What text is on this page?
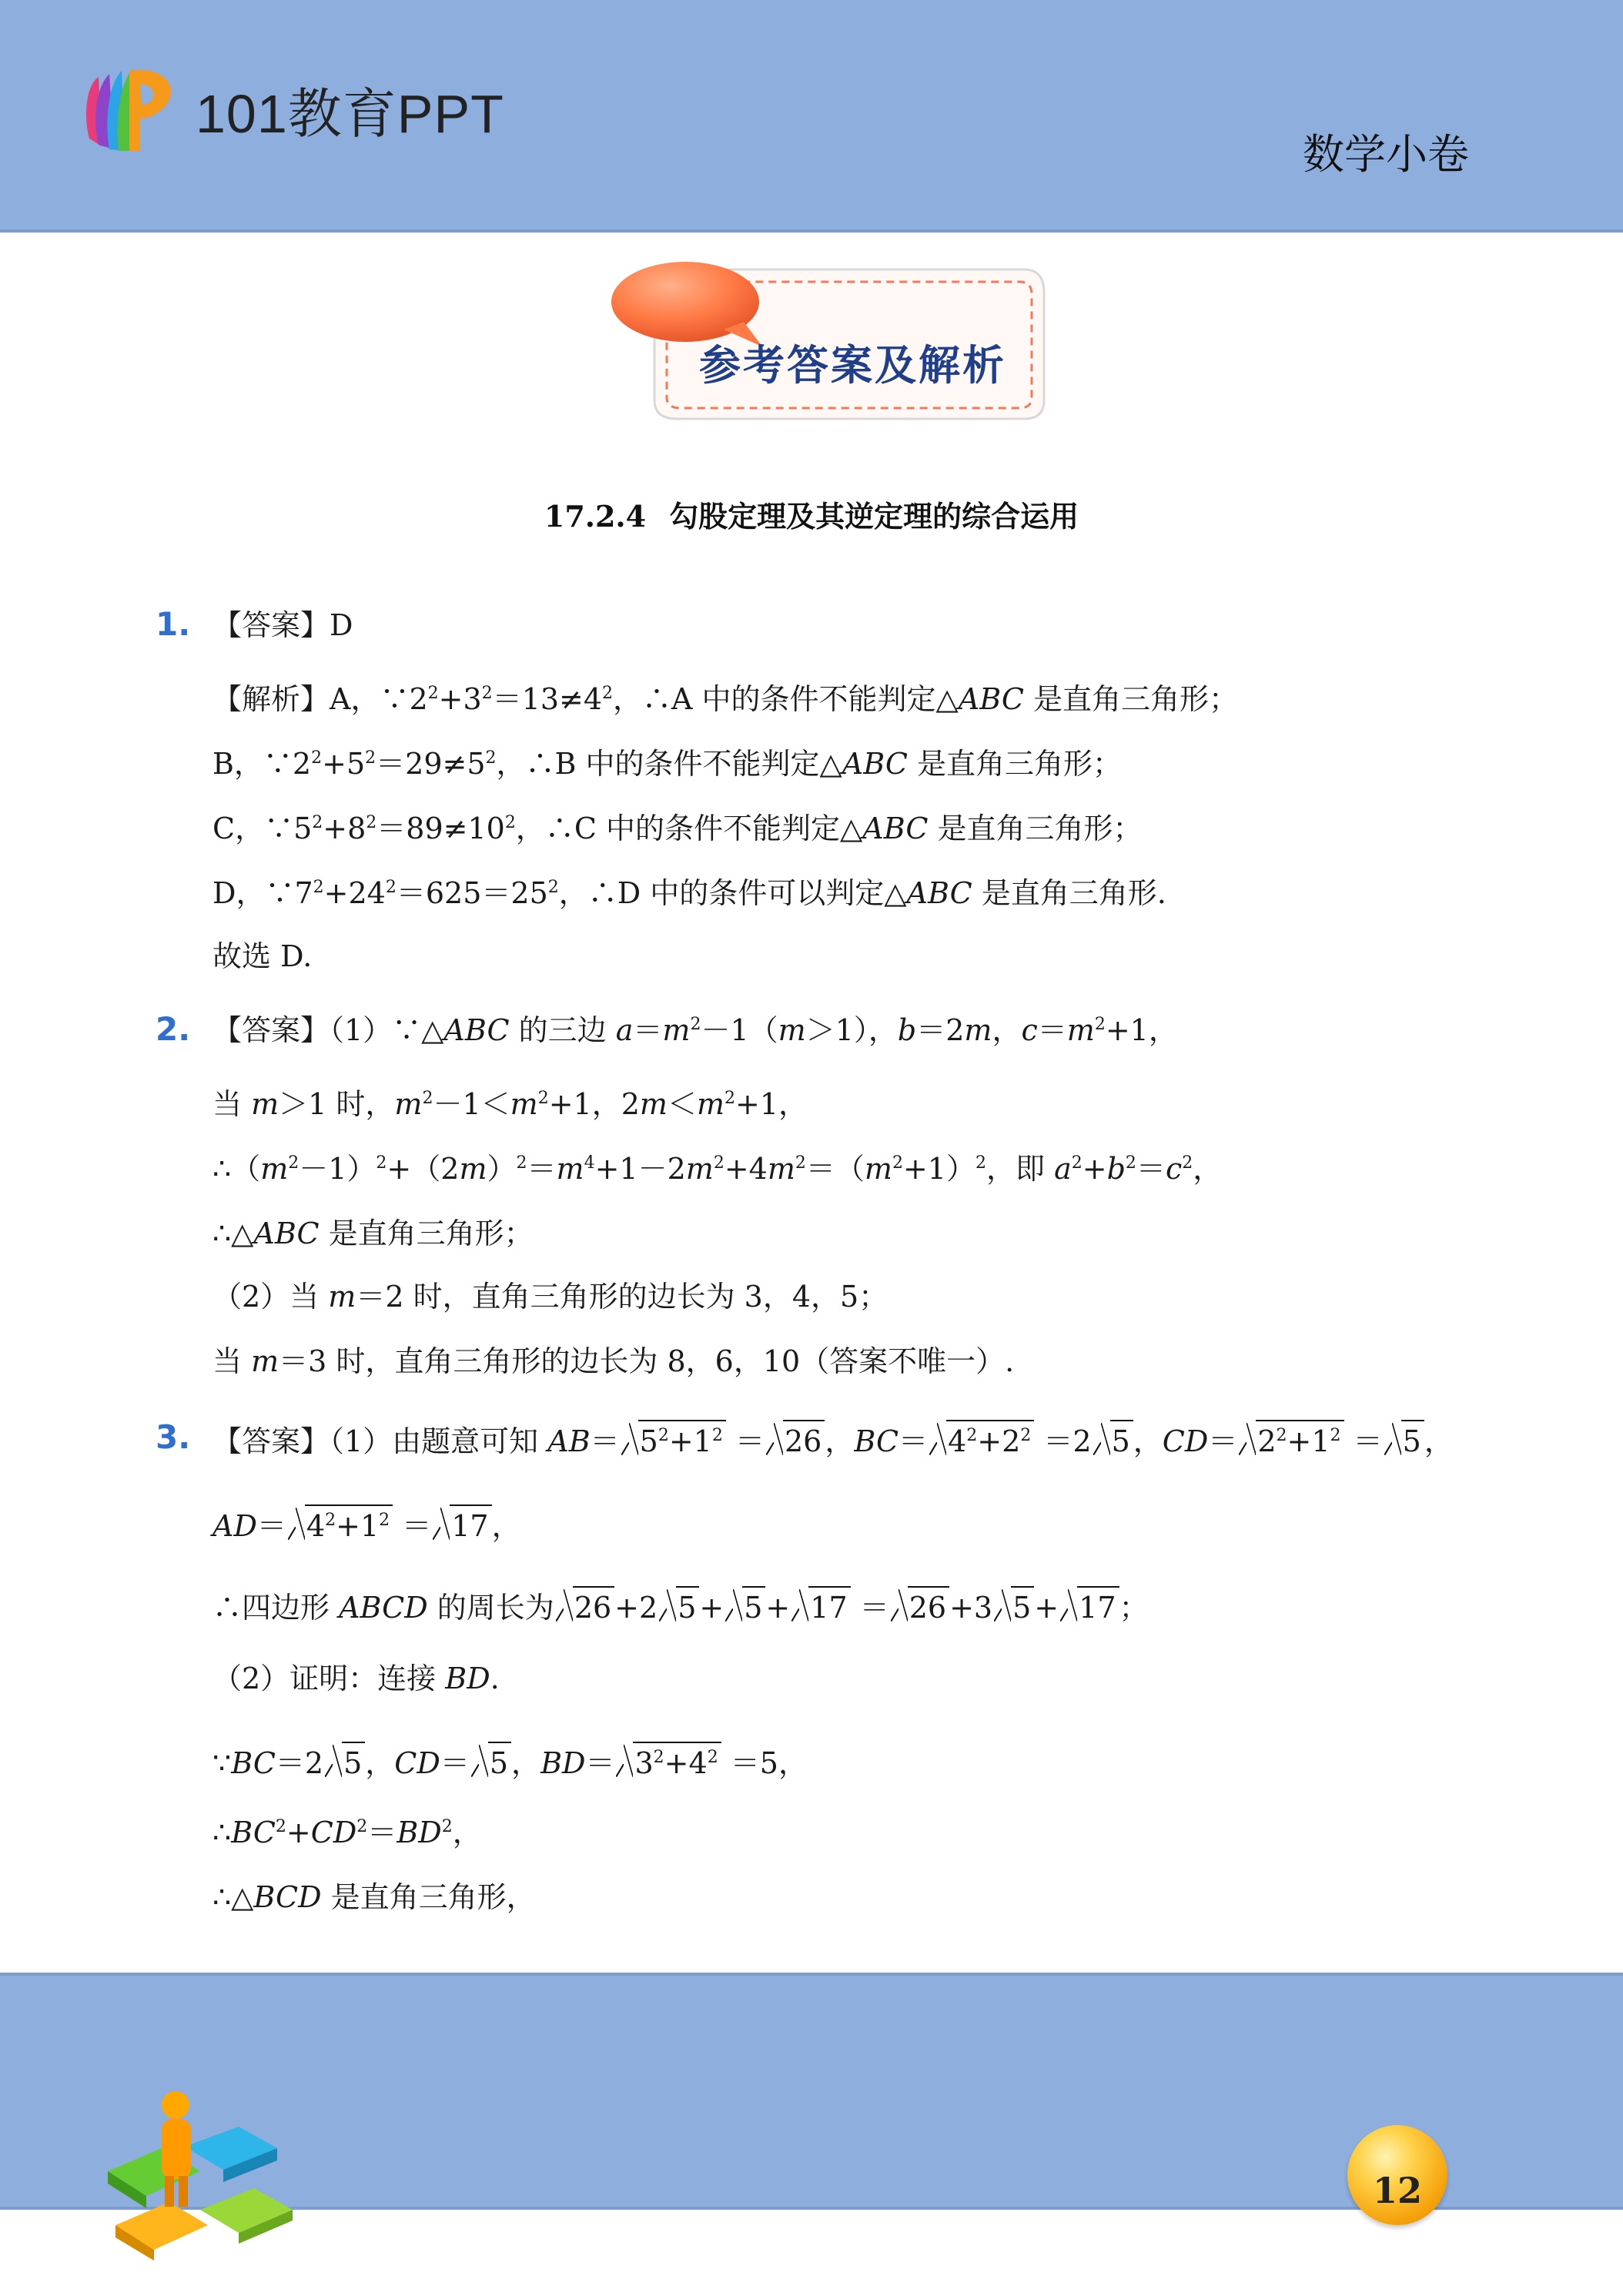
101教育PPT
数学小卷
参考答案及解析
17.2.4 勾股定理及其逆定理的综合运用
1. 【答案】D
【解析】A，$\because 2^2+3^2=13\ne 4^2$，∴A 中的条件不能判定△ABC 是直角三角形；
B，$\because 2^2+5^2=29\ne 5^2$，∴B 中的条件不能判定△ABC 是直角三角形；
C，$\because 5^2+8^2=89\ne 10^2$，∴C 中的条件不能判定△ABC 是直角三角形；
D，$\because 7^2+24^2=625=25^2$，∴D 中的条件可以判定△ABC 是直角三角形.
故选 D.
2. 【答案】（1）∵△ABC 的三边 $a=m^2-1(m>1)$，b＝2m，$c=m^2+1$，
当 m＞1 时，$m^2-1<m^2+1$，$2m<m^2+1$，
$\therefore(m^2-1)^2+(2m)^2=m^4+1-2m^2+4m^2=(m^2+1)^2$，即 $a^2+b^2=c^2$，
∴△ABC 是直角三角形；
（2）当 m＝2 时，直角三角形的边长为 3，4，5；
当 m＝3 时，直角三角形的边长为 8，6，10（答案不唯一）.
3. 【答案】（1）由题意可知 $AB= 5^2+1^2 = 26$ ，$BC= 4^2+2^2 =2$ 5 ，$CD= 2^2+1^2 = 5$ ，
$AD= 4^2+1^2 = 17$ ，
∴四边形 ABCD 的周长为 26 +2 5 + 5 + 17 ＝ 26 +3 5 + 17 ；
（2）证明：连接 BD.
∵BC＝2 5 ，CD＝ 5 ，$BD= 3^2+4^2 =5$，
$\therefore BC^2+CD^2=BD^2$，
∴△BCD 是直角三角形，
12
